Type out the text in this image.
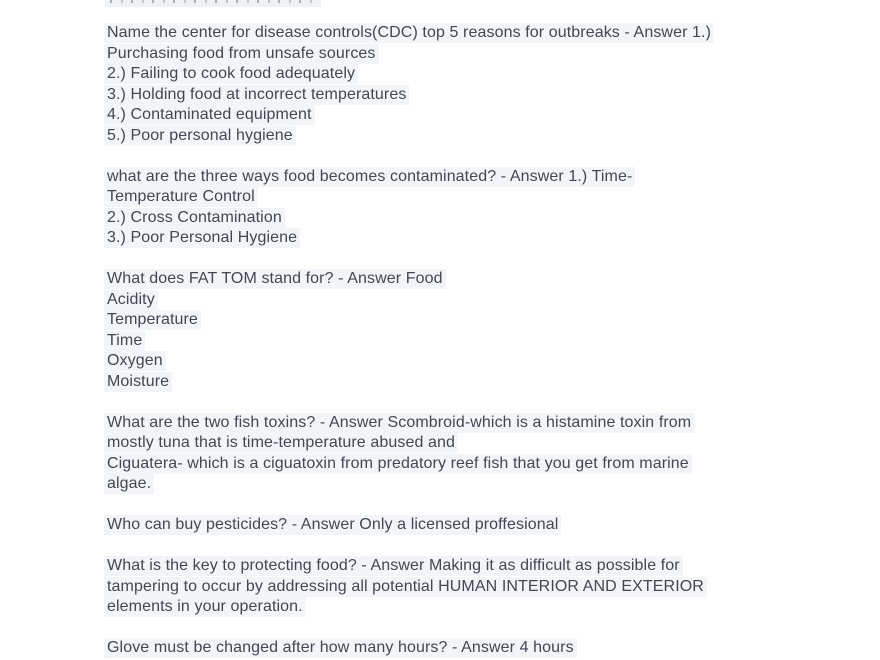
Name the center for disease controls(CDC) top 5 reasons for outbreaks - Answer 1.)
Purchasing food from unsafe sources
2.) Failing to cook food adequately
3.) Holding food at incorrect temperatures
4.) Contaminated equipment
5.) Poor personal hygiene
what are the three ways food becomes contaminated? - Answer 1.) Time-
Temperature Control
2.) Cross Contamination
3.) Poor Personal Hygiene
What does FAT TOM stand for? - Answer Food
Acidity
Temperature
Time
Oxygen
Moisture
What are the two fish toxins? - Answer Scombroid-which is a histamine toxin from
mostly tuna that is time-temperature abused and
Ciguatera- which is a ciguatoxin from predatory reef fish that you get from marine
algae.
Who can buy pesticides? - Answer Only a licensed proffesional
What is the key to protecting food? - Answer Making it as difficult as possible for
tampering to occur by addressing all potential HUMAN INTERIOR AND EXTERIOR
elements in your operation.
Glove must be changed after how many hours? - Answer 4 hours
